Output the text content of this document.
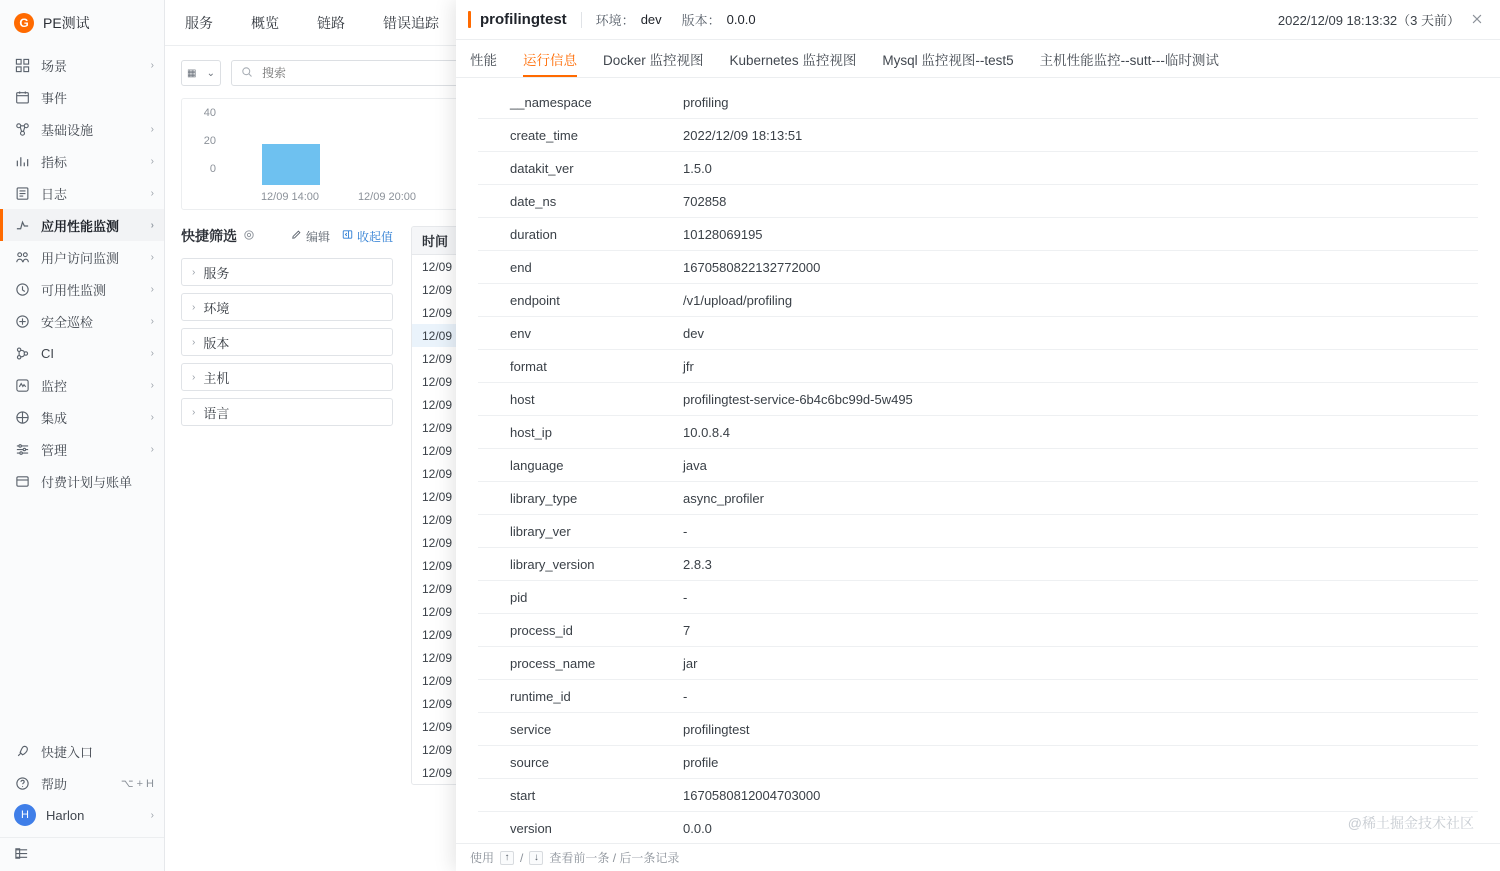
G	PE测试
场景	›
事件
基础设施	›
指标	›
日志	›
应用性能监测	›
用户访问监测	›
可用性监测	›
安全巡检	›
CI	›
监控	›
集成	›
管理	›
付费计划与账单
快捷入口
帮助	⌥ + H
H	Harlon	›
服务	概览	链路	错误追踪
▦ ⌄
搜索
40
20
0
12/09 14:00	12/09 20:00
快捷筛选	编辑 收起值
› 服务
› 环境
› 版本
› 主机
› 语言
时间
12/09
12/09
12/09
12/09
12/09
12/09
12/09
12/09
12/09
12/09
12/09
12/09
12/09
12/09
12/09
12/09
12/09
12/09
12/09
12/09
12/09
12/09
12/09
profilingtest 环境： dev 版本： 0.0.0	2022/12/09 18:13:32（3 天前）
性能 运行信息 Docker 监控视图 Kubernetes 监控视图 Mysql 监控视图--test5 主机性能监控--sutt---临时测试
__namespace	profiling
create_time	2022/12/09 18:13:51
datakit_ver	1.5.0
date_ns	702858
duration	10128069195
end	1670580822132772000
endpoint	/v1/upload/profiling
env	dev
format	jfr
host	profilingtest-service-6b4c6bc99d-5w495
host_ip	10.0.8.4
language	java
library_type	async_profiler
library_ver	-
library_version	2.8.3
pid	-
process_id	7
process_name	jar
runtime_id	-
service	profilingtest
source	profile
start	1670580812004703000
version	0.0.0
使用	↑ /	↓ 查看前一条 / 后一条记录
@稀土掘金技术社区
